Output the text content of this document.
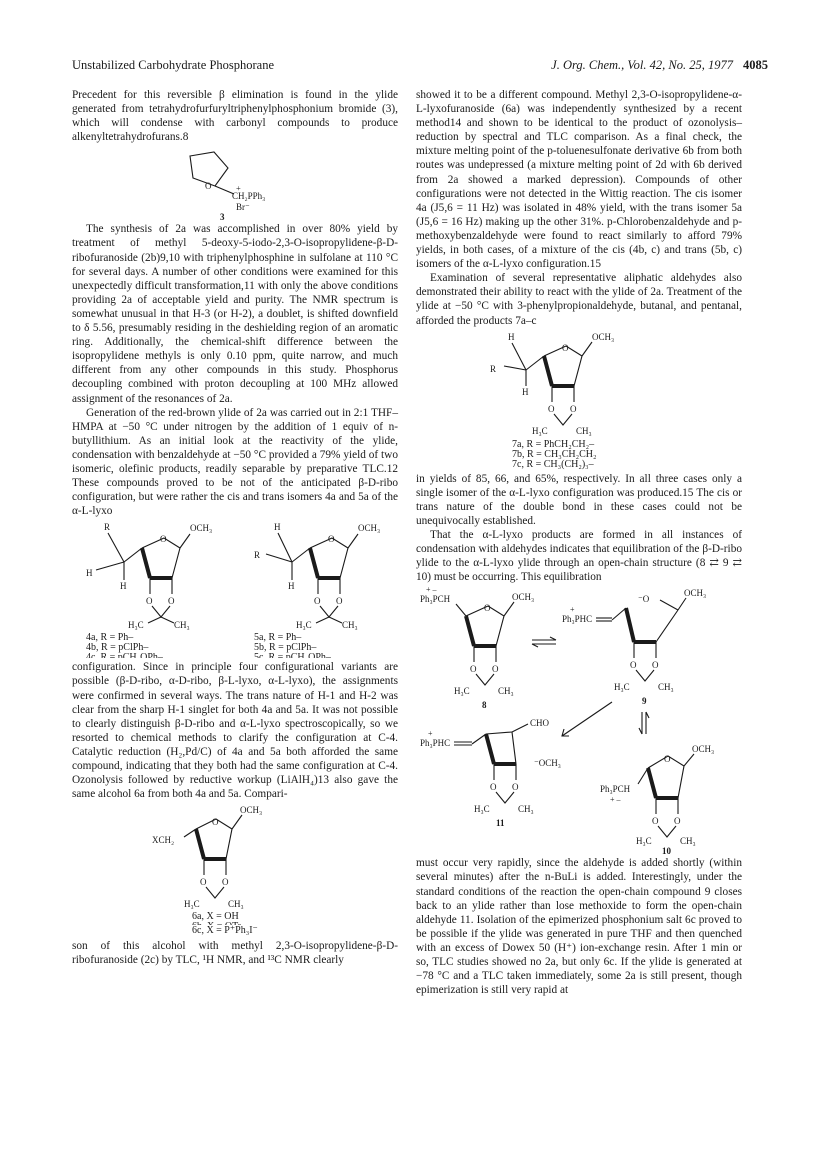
Unstabilized Carbohydrate Phosphorane	J. Org. Chem., Vol. 42, No. 25, 1977 4085

Precedent for this reversible β elimination is found in the ylide generated from tetrahydrofurfuryltriphenylphosphonium bromide (3), which will condense with carbonyl compounds to produce alkenyltetrahydrofurans.8

O	+
CH₂PPh₃
Br⁻
3

The synthesis of 2a was accomplished in over 80% yield by treatment of methyl 5-deoxy-5-iodo-2,3-O-isopropylidene-β-D-ribofuranoside (2b)9,10 with triphenylphosphine in sulfolane at 110 °C for several days. A number of other conditions were examined for this unexpectedly difficult transformation,11 with only the above conditions providing 2a of acceptable yield and purity. The NMR spectrum is somewhat unusual in that H-3 (or H-2), a doublet, is shifted downfield to δ 5.56, presumably residing in the deshielding region of an aromatic ring. Additionally, the chemical-shift difference between the isopropylidene methyls is only 0.10 ppm, quite narrow, and much different from any other compounds in this study. Phosphorus decoupling combined with proton decoupling at 100 MHz allowed assignment of the resonances of 2a.

Generation of the red-brown ylide of 2a was carried out in 2:1 THF–HMPA at −50 °C under nitrogen by the addition of 1 equiv of n-butyllithium. As an initial look at the reactivity of the ylide, condensation with benzaldehyde at −50 °C provided a 79% yield of two isomeric, olefinic products, readily separable by preparative TLC.12 These compounds proved to be not of the anticipated β-D-ribo configuration, but were rather the cis and trans isomers 4a and 5a of the α-L-lyxo

R
H
H
O
OCH₃
O O
H₃C	CH₃
4a, R = Ph–
4b, R = pClPh–
4c, R = pCH₃OPh–
H
R
H
O
OCH₃
O O
H₃C	CH₃
5a, R = Ph–
5b, R = pClPh–
5c, R = pCH₃OPh–

configuration. Since in principle four configurational variants are possible (β-D-ribo, α-D-ribo, β-L-lyxo, α-L-lyxo), the assignments were confirmed in several ways. The trans nature of H-1 and H-2 was clear from the sharp H-1 singlet for both 4a and 5a. It was not possible to clearly distinguish β-D-ribo and α-L-lyxo spectroscopically, so we resorted to chemical methods to clarify the configuration at C-4. Catalytic reduction (H₂,Pd/C) of 4a and 5a both afforded the same compound, indicating that they both had the same configuration at C-4. Ozonolysis followed by reductive workup (LiAlH₄)13 also gave the same alcohol 6a from both 4a and 5a. Compari-

OCH₃
O
XCH₂
O O
H₃C	CH₃
6a, X = OH
6c, X = P⁺Ph₃I⁻

son of this alcohol with methyl 2,3-O-isopropylidene-β-D-ribofuranoside (2c) by TLC, ¹H NMR, and ¹³C NMR clearly

showed it to be a different compound. Methyl 2,3-O-isopropylidene-α-L-lyxofuranoside (6a) was independently synthesized by a recent method14 and shown to be identical to the product of ozonolysis–reduction by spectral and TLC comparison. As a final check, the mixture melting point of the p-toluenesulfonate derivative 6b from both routes was undepressed (a mixture melting point of 2d with 6b derived from 2a showed a marked depression). Compounds of other configurations were not detected in the Wittig reaction. The cis isomer 4a (J5,6 = 11 Hz) was isolated in 48% yield, with the trans isomer 5a (J5,6 = 16 Hz) making up the other 31%. p-Chlorobenzaldehyde and p-methoxybenzaldehyde were found to react similarly to afford 79% yields, in both cases, of a mixture of the cis (4b, c) and trans (5b, c) isomers of the α-L-lyxo configuration.15

Examination of several representative aliphatic aldehydes also demonstrated their ability to react with the ylide of 2a. Treatment of the ylide at −50 °C with 3-phenylpropionaldehyde, butanal, and pentanal, afforded the products 7a–c

H
R
H
O
OCH₃
O O
H₃C	CH₃
7a, R = PhCH₂CH₂–
7b, R = CH₃CH₂CH₂
7c, R = CH₃(CH₂)₃–

in yields of 85, 66, and 65%, respectively. In all three cases only a single isomer of the α-L-lyxo configuration was produced.15 The cis or trans nature of the double bond in these cases could not be unequivocally established.

That the α-L-lyxo products are formed in all instances of condensation with aldehydes indicates that equilibration of the β-D-ribo ylide to the α-L-lyxo ylide through an open-chain structure (8 ⇄ 9 ⇄ 10) must be occurring. This equilibration

+ –
Ph₃PCH
O
OCH₃
O O
H₃C	CH₃
8
+
Ph₃PHC
⁻O
OCH₃
O O
H₃C	CH₃
9
+
Ph₃PHC
CHO
O O
H₃C	CH₃
11
⁻OCH₃
OCH₃
O
Ph₃PCH
+ –
O O
H₃C	CH₃
10

must occur very rapidly, since the aldehyde is added shortly (within several minutes) after the n-BuLi is added. Interestingly, under the standard conditions of the reaction the open-chain compound 9 closes back to an ylide rather than lose methoxide to form the open-chain aldehyde 11. Isolation of the epimerized phosphonium salt 6c proved to be possible if the ylide was generated in pure THF and then quenched with an excess of Dowex 50 (H⁺) ion-exchange resin. After 1 min or so, TLC studies showed no 2a, but only 6c. If the ylide is generated at −78 °C and a TLC taken immediately, some 2a is still present, though epimerization is still very rapid at
